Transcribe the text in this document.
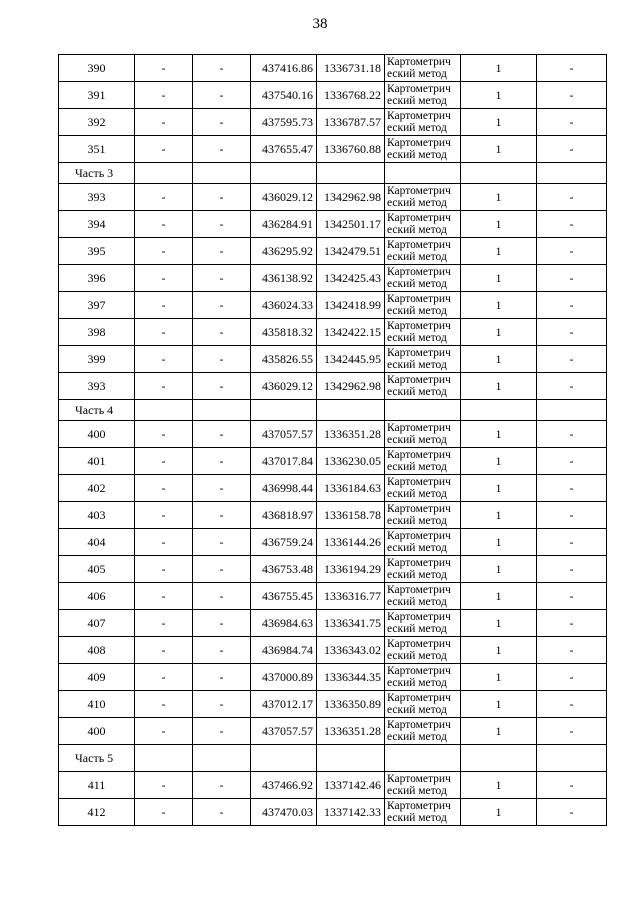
38
390	-	-	437416.86	1336731.18	Картометрич еский метод	1	-
391	-	-	437540.16	1336768.22	Картометрич еский метод	1	-
392	-	-	437595.73	1336787.57	Картометрич еский метод	1	-
351	-	-	437655.47	1336760.88	Картометрич еский метод	1	-
Часть 3							
393	-	-	436029.12	1342962.98	Картометрич еский метод	1	-
394	-	-	436284.91	1342501.17	Картометрич еский метод	1	-
395	-	-	436295.92	1342479.51	Картометрич еский метод	1	-
396	-	-	436138.92	1342425.43	Картометрич еский метод	1	-
397	-	-	436024.33	1342418.99	Картометрич еский метод	1	-
398	-	-	435818.32	1342422.15	Картометрич еский метод	1	-
399	-	-	435826.55	1342445.95	Картометрич еский метод	1	-
393	-	-	436029.12	1342962.98	Картометрич еский метод	1	-
Часть 4							
400	-	-	437057.57	1336351.28	Картометрич еский метод	1	-
401	-	-	437017.84	1336230.05	Картометрич еский метод	1	-
402	-	-	436998.44	1336184.63	Картометрич еский метод	1	-
403	-	-	436818.97	1336158.78	Картометрич еский метод	1	-
404	-	-	436759.24	1336144.26	Картометрич еский метод	1	-
405	-	-	436753.48	1336194.29	Картометрич еский метод	1	-
406	-	-	436755.45	1336316.77	Картометрич еский метод	1	-
407	-	-	436984.63	1336341.75	Картометрич еский метод	1	-
408	-	-	436984.74	1336343.02	Картометрич еский метод	1	-
409	-	-	437000.89	1336344.35	Картометрич еский метод	1	-
410	-	-	437012.17	1336350.89	Картометрич еский метод	1	-
400	-	-	437057.57	1336351.28	Картометрич еский метод	1	-
Часть 5							
411	-	-	437466.92	1337142.46	Картометрич еский метод	1	-
412	-	-	437470.03	1337142.33	Картометрич еский метод	1	-
